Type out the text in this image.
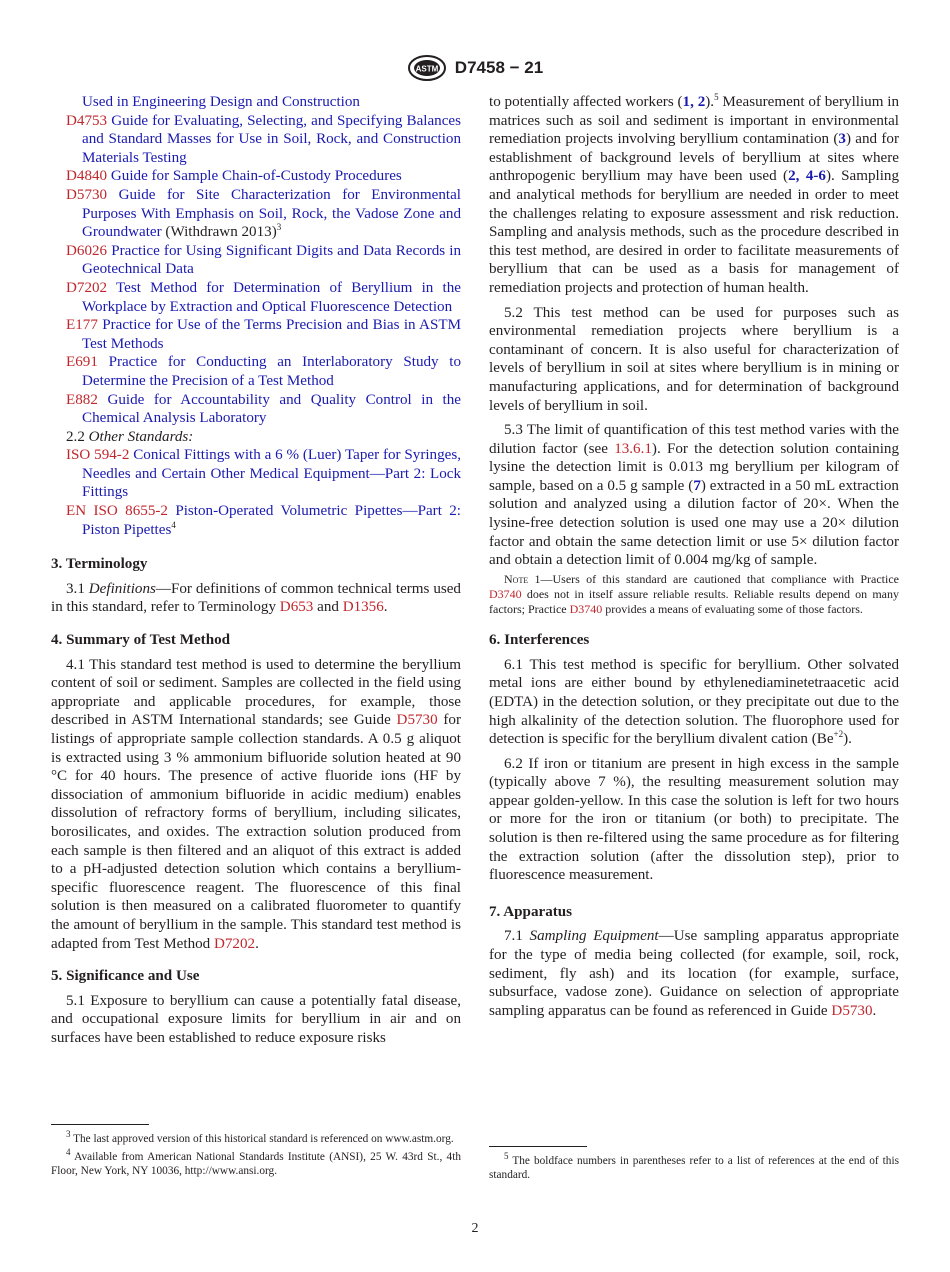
ASTM D7458 − 21

Used in Engineering Design and Construction

D4753 Guide for Evaluating, Selecting, and Specifying Balances and Standard Masses for Use in Soil, Rock, and Construction Materials Testing

D4840 Guide for Sample Chain-of-Custody Procedures

D5730 Guide for Site Characterization for Environmental Purposes With Emphasis on Soil, Rock, the Vadose Zone and Groundwater (Withdrawn 2013)$^3$

D6026 Practice for Using Significant Digits and Data Records in Geotechnical Data

D7202 Test Method for Determination of Beryllium in the Workplace by Extraction and Optical Fluorescence Detection

E177 Practice for Use of the Terms Precision and Bias in ASTM Test Methods

E691 Practice for Conducting an Interlaboratory Study to Determine the Precision of a Test Method

E882 Guide for Accountability and Quality Control in the Chemical Analysis Laboratory

2.2 Other Standards:

ISO 594-2 Conical Fittings with a 6 % (Luer) Taper for Syringes, Needles and Certain Other Medical Equipment—Part 2: Lock Fittings

EN ISO 8655-2 Piston-Operated Volumetric Pipettes—Part 2: Piston Pipettes$^4$

3. Terminology

3.1 Definitions—For definitions of common technical terms used in this standard, refer to Terminology D653 and D1356.

4. Summary of Test Method

4.1 This standard test method is used to determine the beryllium content of soil or sediment. Samples are collected in the field using appropriate and applicable procedures, for example, those described in ASTM International standards; see Guide D5730 for listings of appropriate sample collection standards. A 0.5 g aliquot is extracted using 3 % ammonium bifluoride solution heated at 90 °C for 40 hours. The presence of active fluoride ions (HF by dissociation of ammonium bifluoride in acidic medium) enables dissolution of refractory forms of beryllium, including silicates, borosilicates, and oxides. The extraction solution produced from each sample is then filtered and an aliquot of this extract is added to a pH-adjusted detection solution which contains a beryllium-specific fluorescence reagent. The fluorescence of this final solution is then measured on a calibrated fluorometer to quantify the amount of beryllium in the sample. This standard test method is adapted from Test Method D7202.

5. Significance and Use

5.1 Exposure to beryllium can cause a potentially fatal disease, and occupational exposure limits for beryllium in air and on surfaces have been established to reduce exposure risks

$^3$ The last approved version of this historical standard is referenced on www.astm.org.

$^4$ Available from American National Standards Institute (ANSI), 25 W. 43rd St., 4th Floor, New York, NY 10036, http://www.ansi.org.

to potentially affected workers (1, 2).$^5$ Measurement of beryllium in matrices such as soil and sediment is important in environmental remediation projects involving beryllium contamination (3) and for establishment of background levels of beryllium at sites where anthropogenic beryllium may have been used (2, 4-6). Sampling and analytical methods for beryllium are needed in order to meet the challenges relating to exposure assessment and risk reduction. Sampling and analysis methods, such as the procedure described in this test method, are desired in order to facilitate measurements of beryllium that can be used as a basis for management of remediation projects and protection of human health.

5.2 This test method can be used for purposes such as environmental remediation projects where beryllium is a contaminant of concern. It is also useful for characterization of levels of beryllium in soil at sites where beryllium is in mining or manufacturing applications, and for determination of background levels of beryllium in soil.

5.3 The limit of quantification of this test method varies with the dilution factor (see 13.6.1). For the detection solution containing lysine the detection limit is 0.013 mg beryllium per kilogram of sample, based on a 0.5 g sample (7) extracted in a 50 mL extraction solution and analyzed using a dilution factor of 20×. When the lysine-free detection solution is used one may use a 20× dilution factor and obtain the same detection limit or use 5× dilution factor and obtain a detection limit of 0.004 mg/kg of sample.

Note 1—Users of this standard are cautioned that compliance with Practice D3740 does not in itself assure reliable results. Reliable results depend on many factors; Practice D3740 provides a means of evaluating some of those factors.

6. Interferences

6.1 This test method is specific for beryllium. Other solvated metal ions are either bound by ethylenediaminetetraacetic acid (EDTA) in the detection solution, or they precipitate out due to the high alkalinity of the detection solution. The fluorophore used for detection is specific for the beryllium divalent cation $(Be^{+2})$.

6.2 If iron or titanium are present in high excess in the sample (typically above 7 %), the resulting measurement solution may appear golden-yellow. In this case the solution is left for two hours or more for the iron or titanium (or both) to precipitate. The solution is then re-filtered using the same procedure as for filtering the extraction solution (after the dissolution step), prior to fluorescence measurement.

7. Apparatus

7.1 Sampling Equipment—Use sampling apparatus appropriate for the type of media being collected (for example, soil, rock, sediment, fly ash) and its location (for example, surface, subsurface, vadose zone). Guidance on selection of appropriate sampling apparatus can be found as referenced in Guide D5730.

$^5$ The boldface numbers in parentheses refer to a list of references at the end of this standard.

2
